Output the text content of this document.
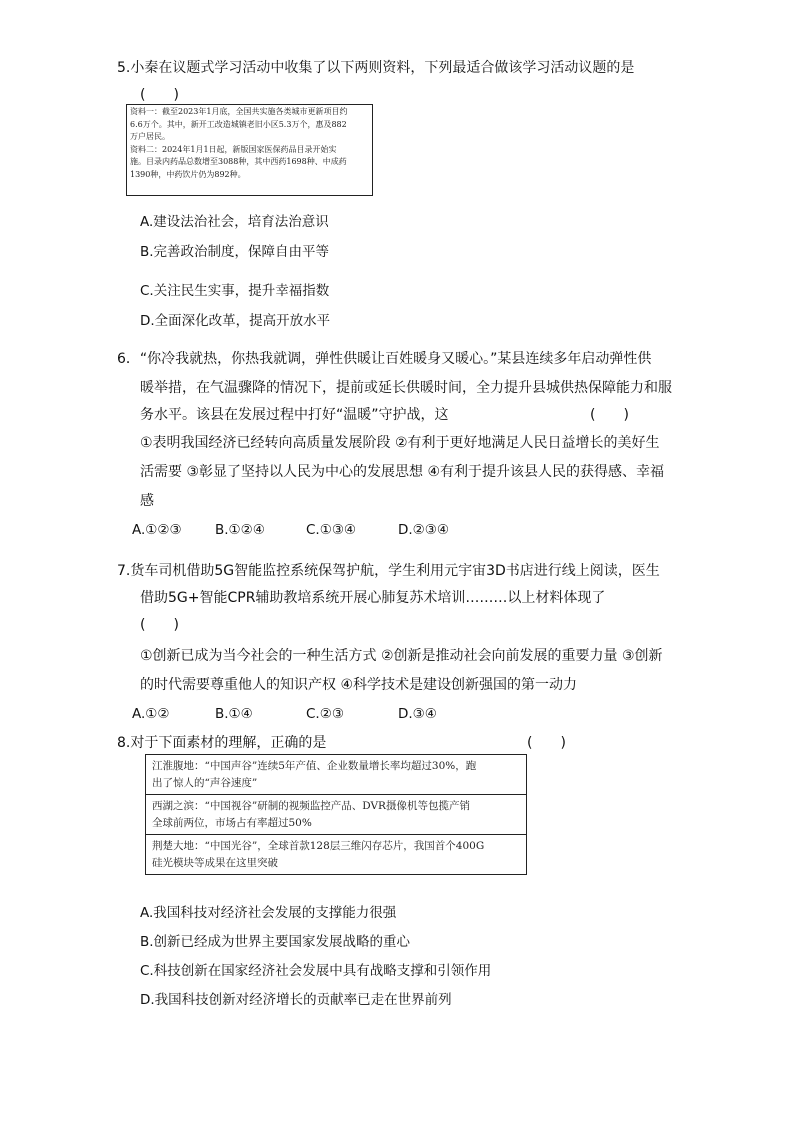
5.小秦在议题式学习活动中收集了以下两则资料，下列最适合做该学习活动议题的是
(　　)
资料一：截至2023年1月底，全国共实施各类城市更新项目约
6.6万个。其中，新开工改造城镇老旧小区5.3万个，惠及882
万户居民。
资料二：2024年1月1日起，新版国家医保药品目录开始实
施。目录内药品总数增至3088种，其中西药1698种、中成药
1390种，中药饮片仍为892种。
A.建设法治社会，培育法治意识
B.完善政治制度，保障自由平等
C.关注民生实事，提升幸福指数
D.全面深化改革，提高开放水平
6．“你冷我就热，你热我就调，弹性供暖让百姓暖身又暖心。”某县连续多年启动弹性供
暖举措，在气温骤降的情况下，提前或延长供暖时间，全力提升县城供热保障能力和服
务水平。该县在发展过程中打好“温暖”守护战，这	(　　)
①表明我国经济已经转向高质量发展阶段 ②有利于更好地满足人民日益增长的美好生
活需要 ③彰显了坚持以人民为中心的发展思想 ④有利于提升该县人民的获得感、幸福
感
A.①②③ B.①②④	C.①③④	D.②③④
7.货车司机借助5G智能监控系统保驾护航，学生利用元宇宙3D书店进行线上阅读，医生
借助5G+智能CPR辅助教培系统开展心肺复苏术培训………以上材料体现了
(　　)
①创新已成为当今社会的一种生活方式 ②创新是推动社会向前发展的重要力量 ③创新
的时代需要尊重他人的知识产权 ④科学技术是建设创新强国的第一动力
A.①②	B.①④	C.②③	D.③④
8.对于下面素材的理解，正确的是	(　　)
江淮腹地：“中国声谷”连续5年产值、企业数量增长率均超过30%，跑
出了惊人的“声谷速度”

西湖之滨：“中国视谷”研制的视频监控产品、DVR摄像机等包揽产销
全球前两位，市场占有率超过50%

荆楚大地：“中国光谷”，全球首款128层三维闪存芯片，我国首个400G
硅光模块等成果在这里突破
A.我国科技对经济社会发展的支撑能力很强
B.创新已经成为世界主要国家发展战略的重心
C.科技创新在国家经济社会发展中具有战略支撑和引领作用
D.我国科技创新对经济增长的贡献率已走在世界前列
